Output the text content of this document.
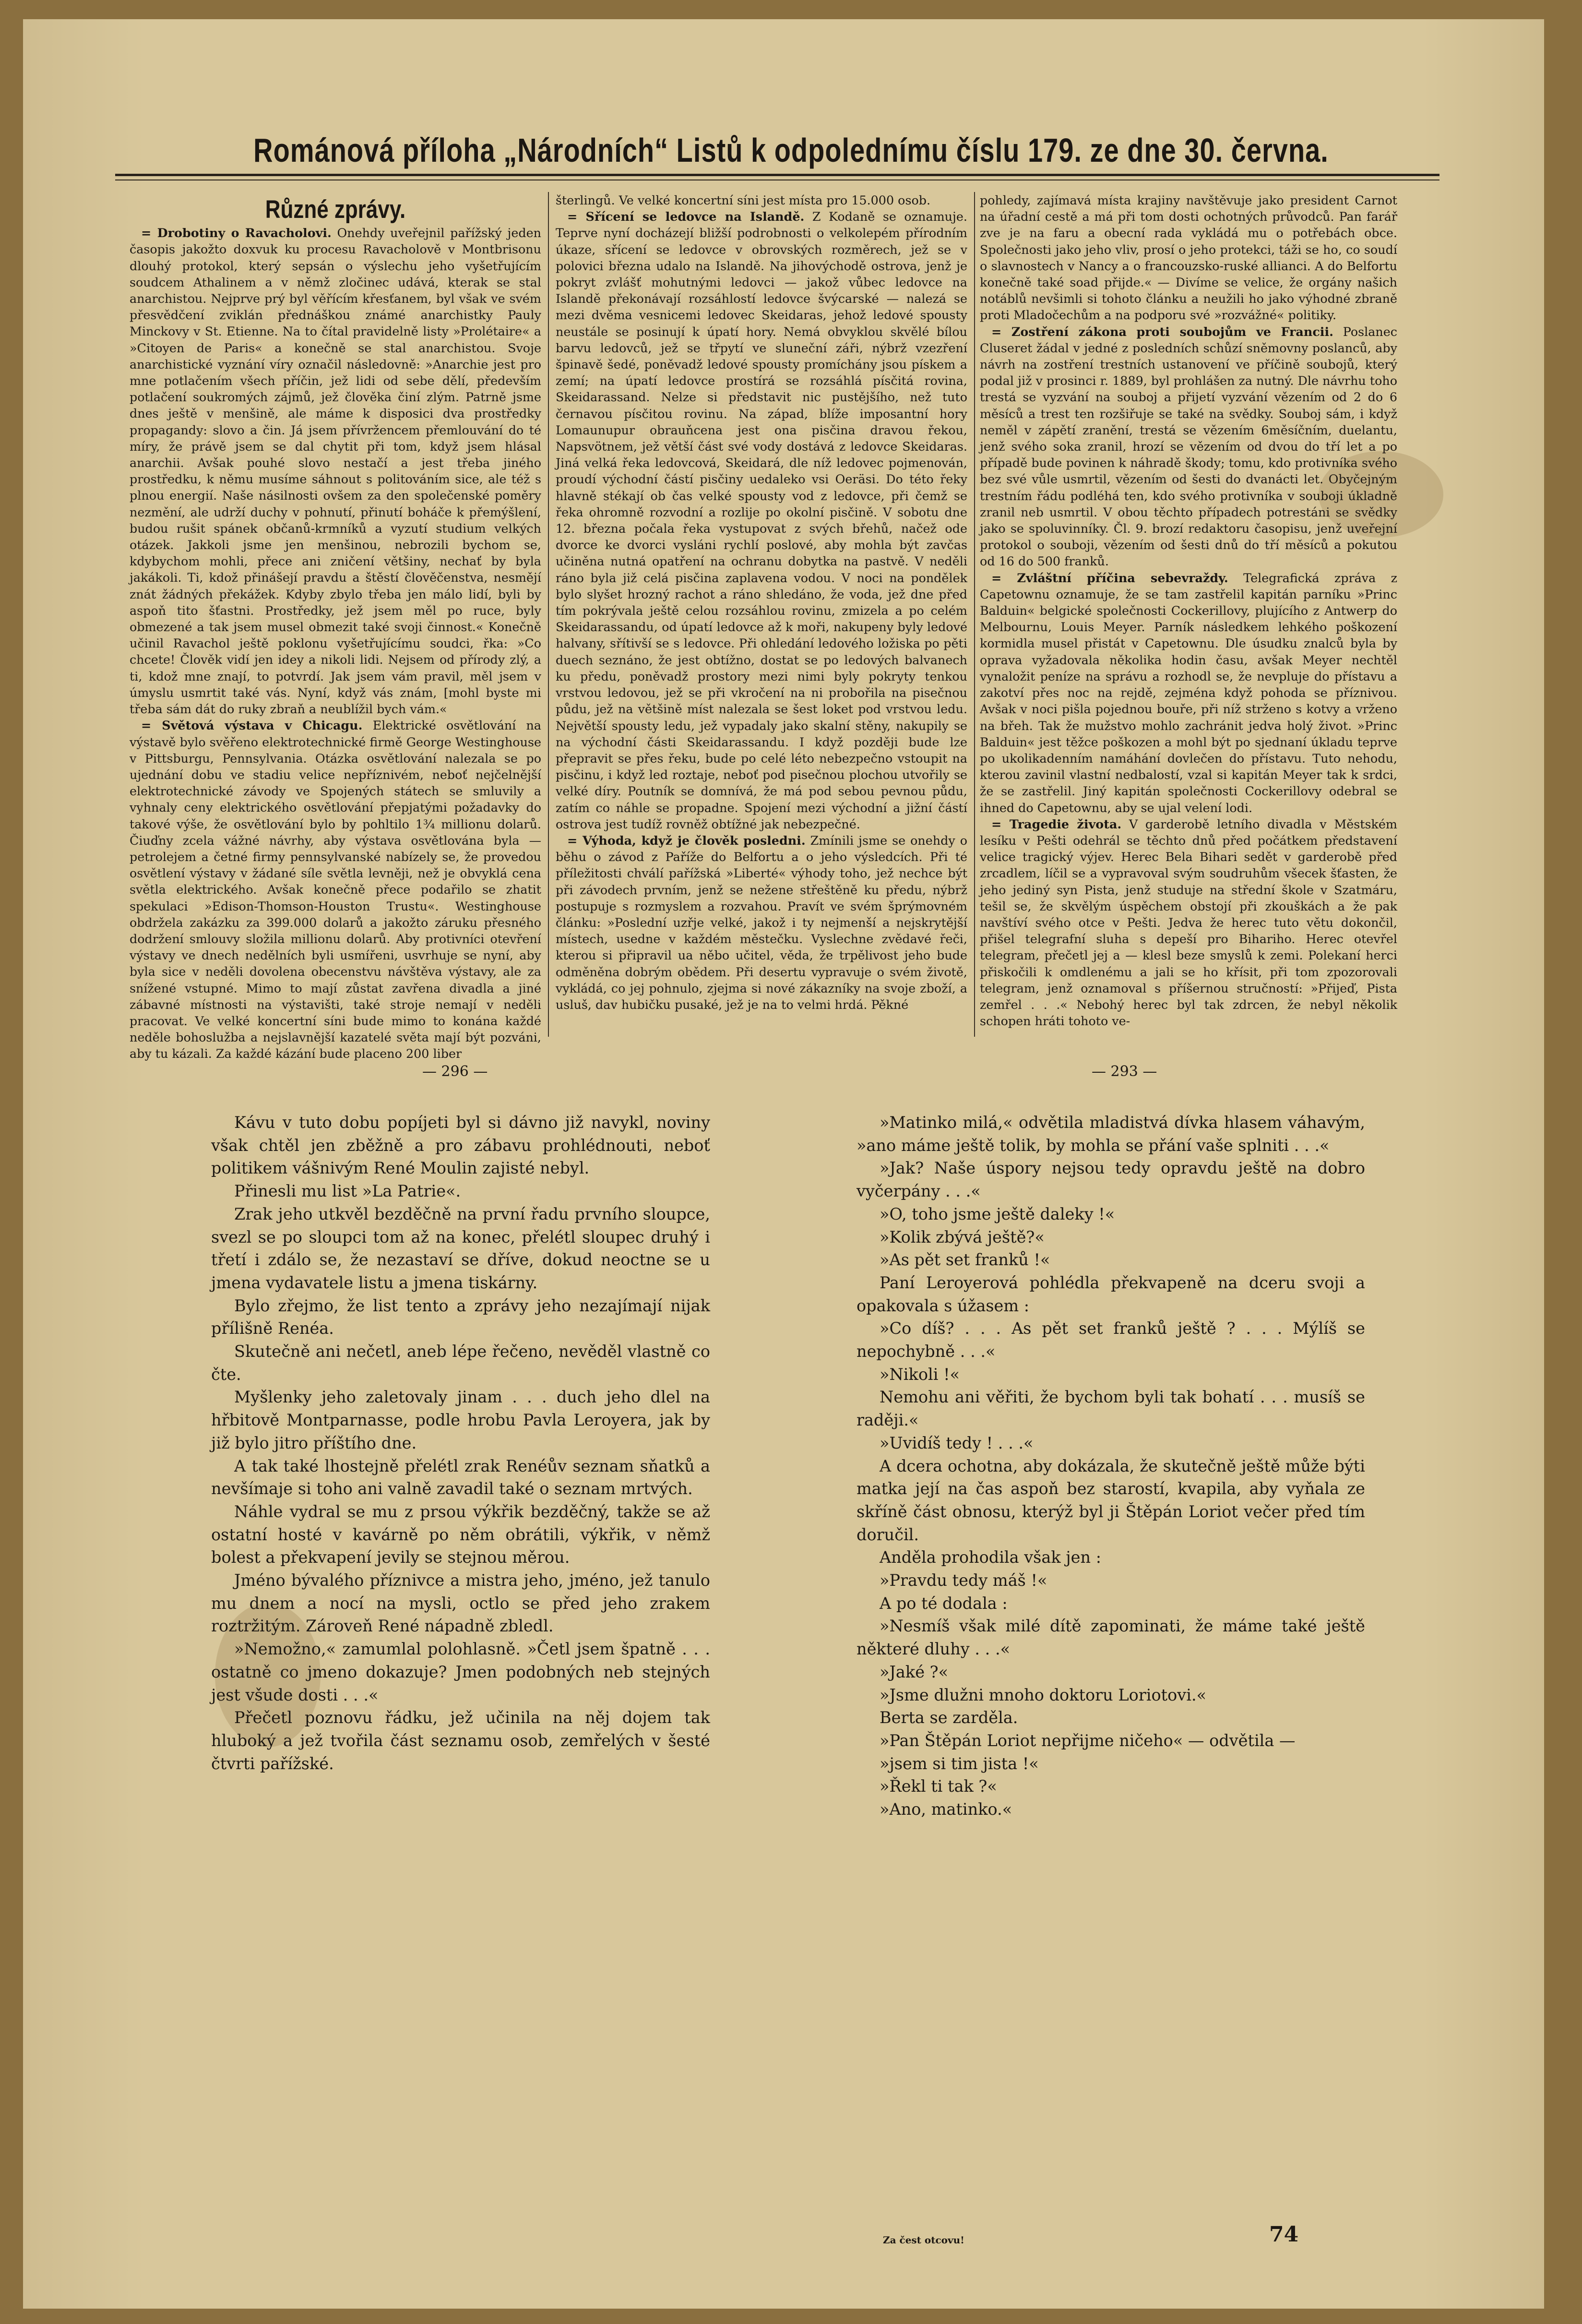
Románová příloha „Národních“ Listů k odpolednímu číslu 179. ze dne 30. června.
Různé zprávy.

= Drobotiny o Ravacholovi. Onehdy uveřejnil pařížský jeden časopis jakožto doxvuk ku procesu Ravacholově v Montbrisonu dlouhý protokol, který sepsán o výslechu jeho vyšetřujícím soudcem Athalinem a v němž zločinec udává, kterak se stal anarchistou. Nejprve prý byl věřícím křesťanem, byl však ve svém přesvědčení zviklán přednáškou známé anarchistky Pauly Minckovy v St. Etienne. Na to čítal pravidelně listy »Prolétaire« a »Citoyen de Paris« a konečně se stal anarchistou. Svoje anarchistické vyznání víry označil následovně: »Anarchie jest pro mne potlačením všech příčin, jež lidi od sebe dělí, především potlačení soukromých zájmů, jež člověka činí zlým. Patrně jsme dnes ještě v menšině, ale máme k disposici dva prostředky propagandy: slovo a čin. Já jsem přívržencem přemlouvání do té míry, že právě jsem se dal chytit při tom, když jsem hlásal anarchii. Avšak pouhé slovo nestačí a jest třeba jiného prostředku, k němu musíme sáhnout s politováním sice, ale též s plnou energií. Naše násilnosti ovšem za den společenské poměry nezmění, ale udrží duchy v pohnutí, přinutí boháče k přemýšlení, budou rušit spánek občanů-krmníků a vyzutí studium velkých otázek. Jakkoli jsme jen menšinou, nebrozili bychom se, kdybychom mohli, přece ani zničení většiny, nechať by byla jakákoli. Ti, kdož přinášejí pravdu a štěstí člověčenstva, nesmějí znát žádných překážek. Kdyby zbylo třeba jen málo lidí, byli by aspoň tito šťastni. Prostředky, jež jsem měl po ruce, byly obmezené a tak jsem musel obmezit také svoji činnost.« Konečně učinil Ravachol ještě poklonu vyšetřujícímu soudci, řka: »Co chcete! Člověk vidí jen idey a nikoli lidi. Nejsem od přírody zlý, a ti, kdož mne znají, to potvrdí. Jak jsem vám pravil, měl jsem v úmyslu usmrtit také vás. Nyní, když vás znám, [mohl byste mi třeba sám dát do ruky zbraň a neublížil bych vám.«

= Světová výstava v Chicagu. Elektrické osvětlování na výstavě bylo svěřeno elektrotechnické firmě George Westinghouse v Pittsburgu, Pennsylvania. Otázka osvětlování nalezala se po ujednání dobu ve stadiu velice nepříznivém, neboť nejčelnější elektrotechnické závody ve Spojených státech se smluvily a vyhnaly ceny elektrického osvětlování přepjatými požadavky do takové výše, že osvětlování bylo by pohltilo 1¾ millionu dolarů. Čiuďny zcela vážné návrhy, aby výstava osvětlována byla — petrolejem a četné firmy pennsylvanské nabízely se, že provedou osvětlení výstavy v žádané síle světla levněji, než je obvyklá cena světla elektrického. Avšak konečně přece podařilo se zhatit spekulaci »Edison-Thomson-Houston Trustu«. Westinghouse obdržela zakázku za 399.000 dolarů a jakožto záruku přesného dodržení smlouvy složila millionu dolarů. Aby protivníci otevření výstavy ve dnech nedělních byli usmířeni, usvrhuje se nyní, aby byla sice v neděli dovolena obecenstvu návštěva výstavy, ale za snížené vstupné. Mimo to mají zůstat zavřena divadla a jiné zábavné místnosti na výstavišti, také stroje nemají v neděli pracovat. Ve velké koncertní síni bude mimo to konána každé neděle bohoslužba a nejslavnější kazatelé světa mají být pozváni, aby tu kázali. Za každé kázání bude placeno 200 liber

šterlingů. Ve velké koncertní síni jest místa pro 15.000 osob.

= Sřícení se ledovce na Islandě. Z Kodaně se oznamuje. Teprve nyní docházejí bližší podrobnosti o velkolepém přírodním úkaze, sřícení se ledovce v obrovských rozměrech, jež se v polovici března udalo na Islandě. Na jihovýchodě ostrova, jenž je pokryt zvlášť mohutnými ledovci — jakož vůbec ledovce na Islandě překonávají rozsáhlostí ledovce švýcarské — nalezá se mezi dvěma vesnicemi ledovec Skeidaras, jehož ledové spousty neustále se posinují k úpatí hory. Nemá obvyklou skvělé bílou barvu ledovců, jež se třpytí ve sluneční záři, nýbrž vzezření špinavě šedé, poněvadž ledové spousty promíchány jsou pískem a zemí; na úpatí ledovce prostírá se rozsáhlá písčitá rovina, Skeidarassand. Nelze si představit nic pustějšího, než tuto černavou písčitou rovinu. Na západ, blíže imposantní hory Lomaunupur obrauňcena jest ona pisčina dravou řekou, Napsvötnem, jež větší část své vody dostává z ledovce Skeidaras. Jiná velká řeka ledovcová, Skeidará, dle níž ledovec pojmenován, proudí východní částí pisčiny uedaleko vsi Oeräsi. Do této řeky hlavně stékají ob čas velké spousty vod z ledovce, při čemž se řeka ohromně rozvodní a rozlije po okolní pisčině. V sobotu dne 12. března počala řeka vystupovat z svých břehů, načež ode dvorce ke dvorci vysláni rychlí poslové, aby mohla být zavčas učiněna nutná opatření na ochranu dobytka na pastvě. V neděli ráno byla již celá pisčina zaplavena vodou. V noci na pondělek bylo slyšet hrozný rachot a ráno shledáno, že voda, jež dne před tím pokrývala ještě celou rozsáhlou rovinu, zmizela a po celém Skeidarassandu, od úpatí ledovce až k moři, nakupeny byly ledové halvany, sřítivší se s ledovce. Při ohledání ledového ložiska po pěti duech seznáno, že jest obtížno, dostat se po ledových balvanech ku předu, poněvadž prostory mezi nimi byly pokryty tenkou vrstvou ledovou, jež se při vkročení na ni probořila na pisečnou půdu, jež na většině míst nalezala se šest loket pod vrstvou ledu. Největší spousty ledu, jež vypadaly jako skalní stěny, nakupily se na východní části Skeidarassandu. I když později bude lze přepravit se přes řeku, bude po celé léto nebezpečno vstoupit na pisčinu, i když led roztaje, neboť pod pisečnou plochou utvořily se velké díry. Poutník se domnívá, že má pod sebou pevnou půdu, zatím co náhle se propadne. Spojení mezi východní a jižní částí ostrova jest tudíž rovněž obtížné jak nebezpečné.

= Výhoda, když je člověk posledni. Zmínili jsme se onehdy o běhu o závod z Paříže do Belfortu a o jeho výsledcích. Při té příležitosti chválí pařížská »Liberté« výhody toho, jež nechce být při závodech prvním, jenž se nežene střeštěně ku předu, nýbrž postupuje s rozmyslem a rozvahou. Pravít ve svém šprýmovném článku: »Poslední uzřje velké, jakož i ty nejmenší a nejskrytější místech, usedne v každém městečku. Vyslechne zvědavé řeči, kterou si připravil ua něbo učitel, věda, že trpělivost jeho bude odměněna dobrým obědem. Při desertu vypravuje o svém životě, vykládá, co jej pohnulo, zjejma si nové zákazníky na svoje zboží, a usluš, dav hubičku pusaké, jež je na to velmi hrdá. Pěkné

pohledy, zajímavá místa krajiny navštěvuje jako president Carnot na úřadní cestě a má při tom dosti ochotných průvodců. Pan farář zve je na faru a obecní rada vykládá mu o potřebách obce. Společnosti jako jeho vliv, prosí o jeho protekci, táži se ho, co soudí o slavnostech v Nancy a o francouzsko-ruské allianci. A do Belfortu konečně také soad přijde.« — Divíme se velice, že orgány našich notáblů nevšimli si tohoto článku a neužili ho jako výhodné zbraně proti Mladočechům a na podporu své »rozvážné« politiky.

= Zostření zákona proti soubojům ve Francii. Poslanec Cluseret žádal v jedné z posledních schůzí sněmovny poslanců, aby návrh na zostření trestních ustanovení ve příčině soubojů, který podal již v prosinci r. 1889, byl prohlášen za nutný. Dle návrhu toho trestá se vyzvání na souboj a přijetí vyzvání vězením od 2 do 6 měsíců a trest ten rozšiřuje se také na svědky. Souboj sám, i když neměl v zápětí zranění, trestá se vězením 6měsíčním, duelantu, jenž svého soka zranil, hrozí se vězením od dvou do tří let a po případě bude povinen k náhradě škody; tomu, kdo protivníka svého bez své vůle usmrtil, vězením od šesti do dvanácti let. Obyčejným trestním řádu podléhá ten, kdo svého protivníka v souboji úkladně zranil neb usmrtil. V obou těchto případech potrestáni se svědky jako se spoluvinníky. Čl. 9. brozí redaktoru časopisu, jenž uveřejní protokol o souboji, vězením od šesti dnů do tří měsíců a pokutou od 16 do 500 franků.

= Zvláštní příčina sebevraždy. Telegrafická zpráva z Capetownu oznamuje, že se tam zastřelil kapitán parníku »Princ Balduin« belgické společnosti Cockerillovy, plujícího z Antwerp do Melbournu, Louis Meyer. Parník následkem lehkého poškození kormidla musel přistát v Capetownu. Dle úsudku znalců byla by oprava vyžadovala několika hodin času, avšak Meyer nechtěl vynaložit peníze na správu a rozhodl se, že nevpluje do přístavu a zakotví přes noc na rejdě, zejména když pohoda se příznivou. Avšak v noci pišla pojednou bouře, při níž strženo s kotvy a vrženo na břeh. Tak že mužstvo mohlo zachránit jedva holý život. »Princ Balduin« jest těžce poškozen a mohl být po sjednaní úkladu teprve po ukolikadenním namáhání dovlečen do přístavu. Tuto nehodu, kterou zavinil vlastní nedbalostí, vzal si kapitán Meyer tak k srdci, že se zastřelil. Jiný kapitán společnosti Cockerillovy odebral se ihned do Capetownu, aby se ujal velení lodi.

= Tragedie života. V garderobě letního divadla v Městském lesíku v Pešti odehrál se těchto dnů před počátkem představení velice tragický výjev. Herec Bela Bihari sedět v garderobě před zrcadlem, líčil se a vypravoval svým soudruhům všecek šťasten, že jeho jediný syn Pista, jenž studuje na střední škole v Szatmáru, tešil se, že skvělým úspěchem obstojí při zkouškách a že pak navštíví svého otce v Pešti. Jedva že herec tuto větu dokončil, přišel telegrafní sluha s depeší pro Bihariho. Herec otevřel telegram, přečetl jej a — klesl beze smyslů k zemi. Polekaní herci přiskočili k omdlenému a jali se ho křísit, při tom zpozorovali telegram, jenž oznamoval s příšernou stručností: »Přijeď, Pista zemřel . . .« Nebohý herec byl tak zdrcen, že nebyl několik schopen hráti tohoto ve-

— 296 —	— 293 —

Kávu v tuto dobu popíjeti byl si dávno již navykl, noviny však chtěl jen zběžně a pro zábavu prohlédnouti, neboť politikem vášnivým René Moulin zajisté nebyl.

Přinesli mu list »La Patrie«.

Zrak jeho utkvěl bezděčně na první řadu prvního sloupce, svezl se po sloupci tom až na konec, přelétl sloupec druhý i třetí i zdálo se, že nezastaví se dříve, dokud neoctne se u jmena vydavatele listu a jmena tiskárny.

Bylo zřejmo, že list tento a zprávy jeho nezajímají nijak přílišně Renéa.

Skutečně ani nečetl, aneb lépe řečeno, nevěděl vlastně co čte.

Myšlenky jeho zaletovaly jinam . . . duch jeho dlel na hřbitově Montparnasse, podle hrobu Pavla Leroyera, jak by již bylo jitro příštího dne.

A tak také lhostejně přelétl zrak Renéův seznam sňatků a nevšímaje si toho ani valně zavadil také o seznam mrtvých.

Náhle vydral se mu z prsou výkřik bezděčný, takže se až ostatní hosté v kavárně po něm obrátili, výkřik, v němž bolest a překvapení jevily se stejnou měrou.

Jméno bývalého příznivce a mistra jeho, jméno, jež tanulo mu dnem a nocí na mysli, octlo se před jeho zrakem roztržitým. Zároveň René nápadně zbledl.

»Nemožno,« zamumlal polohlasně. »Četl jsem špatně . . . ostatně co jmeno dokazuje? Jmen podobných neb stejných jest všude dosti . . .«

Přečetl poznovu řádku, jež učinila na něj dojem tak hluboký a jež tvořila část seznamu osob, zemřelých v šesté čtvrti pařížské.

»Matinko milá,« odvětila mladistvá dívka hlasem váhavým, »ano máme ještě tolik, by mohla se přání vaše splniti . . .«

»Jak? Naše úspory nejsou tedy opravdu ještě na dobro vyčerpány . . .«

»O, toho jsme ještě daleky !«

»Kolik zbývá ještě?«

»As pět set franků !«

Paní Leroyerová pohlédla překvapeně na dceru svoji a opakovala s úžasem :

»Co díš? . . . As pět set franků ještě ? . . . Mýlíš se nepochybně . . .«

»Nikoli !«

Nemohu ani věřiti, že bychom byli tak bohatí . . . musíš se raději.«

»Uvidíš tedy ! . . .«

A dcera ochotna, aby dokázala, že skutečně ještě může býti matka její na čas aspoň bez starostí, kvapila, aby vyňala ze skříně část obnosu, kterýž byl ji Štěpán Loriot večer před tím doručil.

Anděla prohodila však jen :

»Pravdu tedy máš !«

A po té dodala :

»Nesmíš však milé dítě zapominati, že máme také ještě některé dluhy . . .«

»Jaké ?«

»Jsme dlužni mnoho doktoru Loriotovi.«

Berta se zarděla.

»Pan Štěpán Loriot nepřijme ničeho« — odvětila —

»jsem si tim jista !«

»Řekl ti tak ?«

»Ano, matinko.«

Za čest otcovu!	74
